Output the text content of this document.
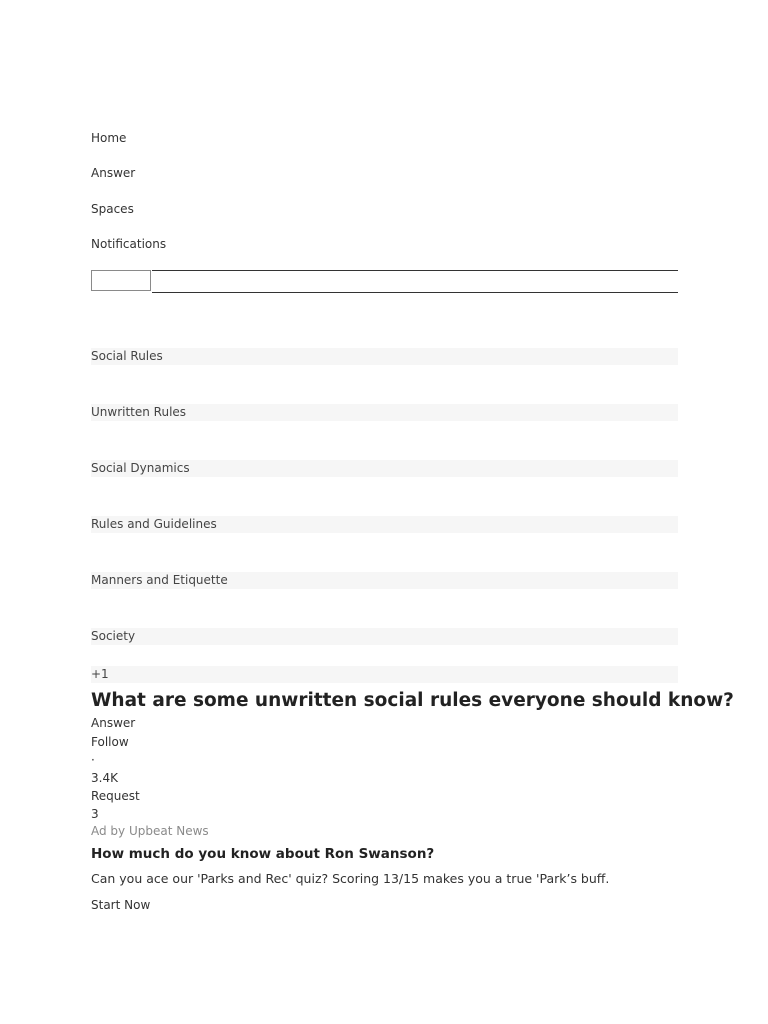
Home
Answer
Spaces
Notifications
Social Rules
Unwritten Rules
Social Dynamics
Rules and Guidelines
Manners and Etiquette
Society
+1
What are some unwritten social rules everyone should know?
Answer
Follow
·
3.4K
Request
3
Ad by Upbeat News
How much do you know about Ron Swanson?
Can you ace our 'Parks and Rec' quiz? Scoring 13/15 makes you a true 'Park’s buff.
Start Now
